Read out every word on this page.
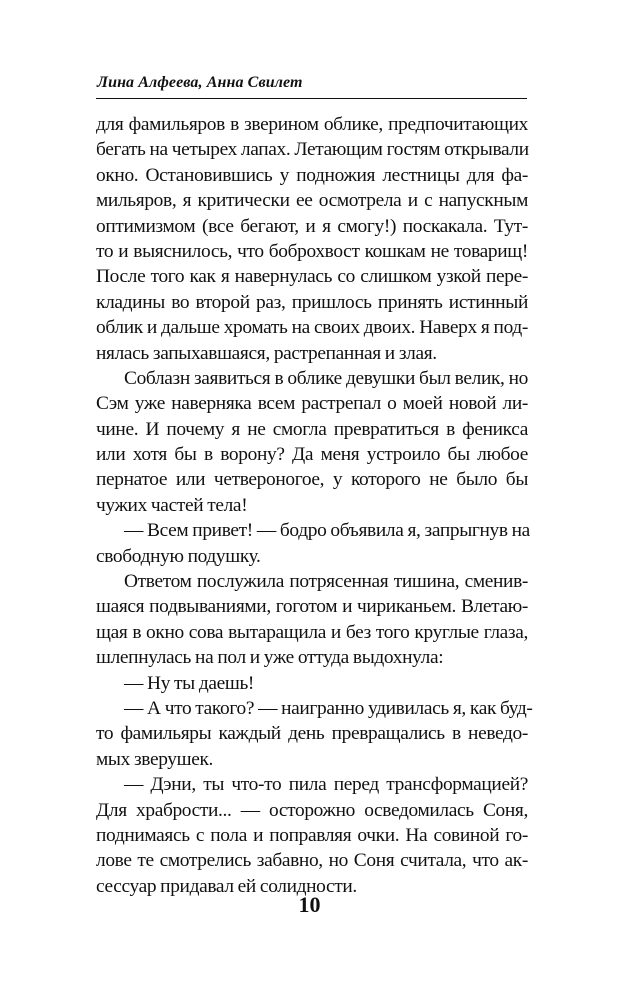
Лина Алфеева, Анна Свилет
для фамильяров в зверином облике, предпочитающих
бегать на четырех лапах. Летающим гостям открывали
окно. Остановившись у подножия лестницы для фа-
мильяров, я критически ее осмотрела и с напускным
оптимизмом (все бегают, и я смогу!) поскакала. Тут-
то и выяснилось, что боброхвост кошкам не товарищ!
После того как я навернулась со слишком узкой пере-
кладины во второй раз, пришлось принять истинный
облик и дальше хромать на своих двоих. Наверх я под-
нялась запыхавшаяся, растрепанная и злая.
Соблазн заявиться в облике девушки был велик, но
Сэм уже наверняка всем растрепал о моей новой ли-
чине. И почему я не смогла превратиться в феникса
или хотя бы в ворону? Да меня устроило бы любое
пернатое или четвероногое, у которого не было бы
чужих частей тела!
— Всем привет! — бодро объявила я, запрыгнув на
свободную подушку.
Ответом послужила потрясенная тишина, сменив-
шаяся подвываниями, гоготом и чириканьем. Влетаю-
щая в окно сова вытаращила и без того круглые глаза,
шлепнулась на пол и уже оттуда выдохнула:
— Ну ты даешь!
— А что такого? — наигранно удивилась я, как буд-
то фамильяры каждый день превращались в неведо-
мых зверушек.
— Дэни, ты что-то пила перед трансформацией?
Для храбрости... — осторожно осведомилась Соня,
поднимаясь с пола и поправляя очки. На совиной го-
лове те смотрелись забавно, но Соня считала, что ак-
сессуар придавал ей солидности.
10
